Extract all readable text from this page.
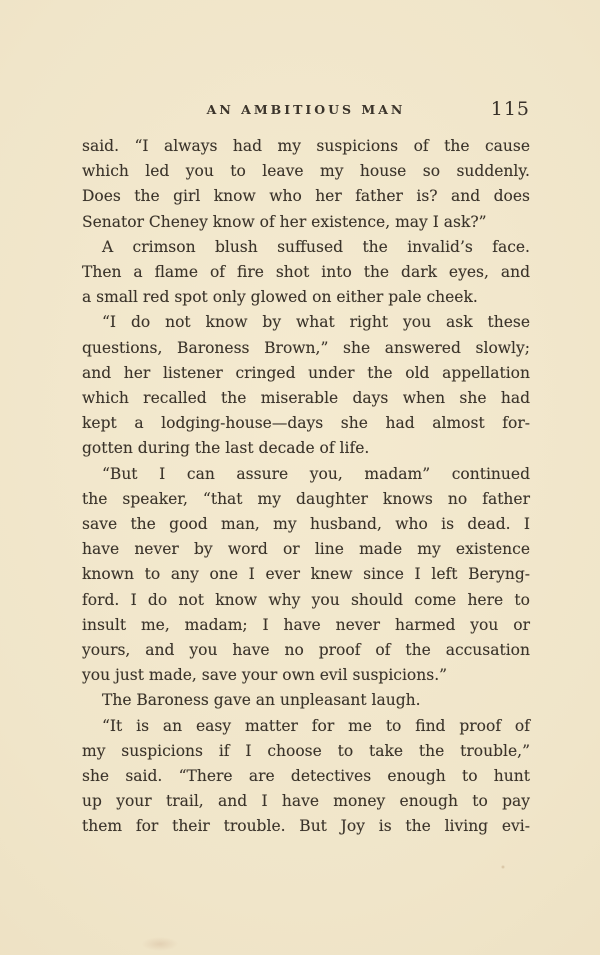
AN AMBITIOUS MAN	115
said. “I always had my suspicions of the cause
which led you to leave my house so suddenly.
Does the girl know who her father is? and does
Senator Cheney know of her existence, may I ask?”
A crimson blush suffused the invalid’s face.
Then a flame of fire shot into the dark eyes, and
a small red spot only glowed on either pale cheek.
“I do not know by what right you ask these
questions, Baroness Brown,” she answered slowly;
and her listener cringed under the old appellation
which recalled the miserable days when she had
kept a lodging-house—days she had almost for-
gotten during the last decade of life.
“But I can assure you, madam” continued
the speaker, “that my daughter knows no father
save the good man, my husband, who is dead. I
have never by word or line made my existence
known to any one I ever knew since I left Beryng-
ford. I do not know why you should come here to
insult me, madam; I have never harmed you or
yours, and you have no proof of the accusation
you just made, save your own evil suspicions.”
The Baroness gave an unpleasant laugh.
“It is an easy matter for me to find proof of
my suspicions if I choose to take the trouble,”
she said. “There are detectives enough to hunt
up your trail, and I have money enough to pay
them for their trouble. But Joy is the living evi-
